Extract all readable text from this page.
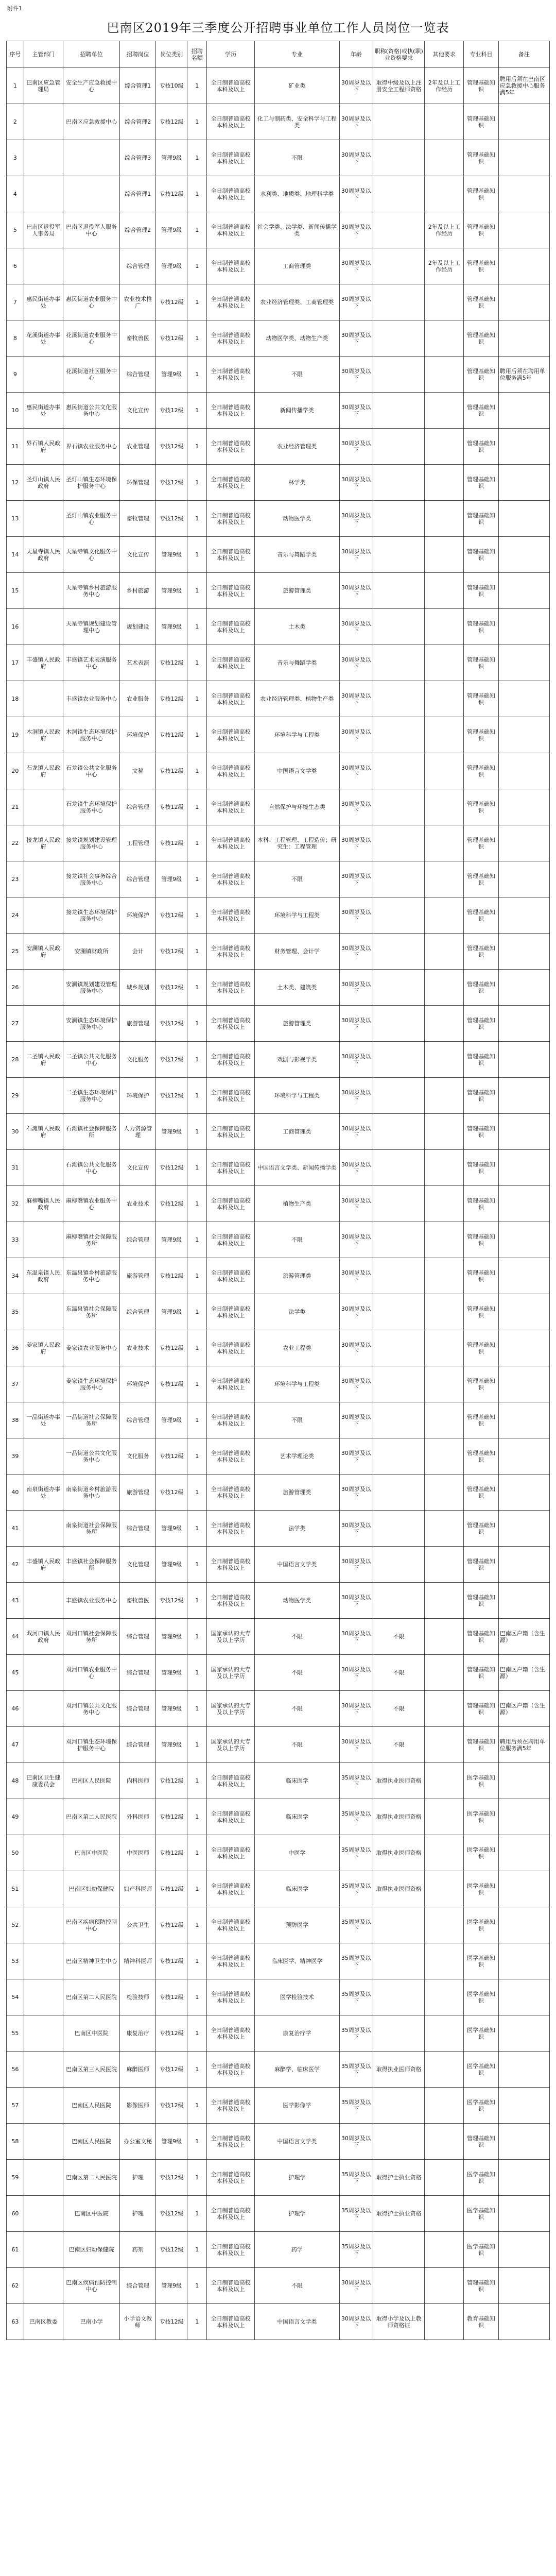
附件1
巴南区2019年三季度公开招聘事业单位工作人员岗位一览表
序号	主管部门	招聘单位	招聘岗位	岗位类别	招聘名额	学历	专业	年龄	职称(资格)或执(职)业资格要求	其他要求	专业科目	备注
1	巴南区应急管理局	安全生产应急救援中心	综合管理1	专技10级	1	全日制普通高校本科及以上	矿业类	30周岁及以下	取得中级及以上注册安全工程师资格	2年及以上工作经历	管理基础知识	聘用后须在巴南区应急救援中心服务满5年
2		巴南区应急救援中心	综合管理2	专技12级	1	全日制普通高校本科及以上	化工与制药类、安全科学与工程类	30周岁及以下			管理基础知识	
3			综合管理3	管理9级	1	全日制普通高校本科及以上	不限	30周岁及以下			管理基础知识	
4			综合管理1	专技12级	1	全日制普通高校本科及以上	水利类、地质类、地理科学类	30周岁及以下			管理基础知识	
5	巴南区退役军人事务局	巴南区退役军人服务中心	综合管理2	管理9级	1	全日制普通高校本科及以上	社会学类、法学类、新闻传播学类	30周岁及以下		2年及以上工作经历	管理基础知识	
6			综合管理	管理9级	1	全日制普通高校本科及以上	工商管理类	30周岁及以下		2年及以上工作经历	管理基础知识	
7	惠民街道办事处	惠民街道农业服务中心	农业技术推广	专技12级	1	全日制普通高校本科及以上	农业经济管理类、工商管理类	30周岁及以下			管理基础知识	
8	花溪街道办事处	花溪街道农业服务中心	畜牧兽医	专技12级	1	全日制普通高校本科及以上	动物医学类、动物生产类	30周岁及以下			管理基础知识	
9		花溪街道社区服务中心	综合管理	管理9级	1	全日制普通高校本科及以上	不限	30周岁及以下			管理基础知识	聘用后须在聘用单位服务满5年
10	惠民街道办事处	惠民街道公共文化服务中心	文化宣传	专技12级	1	全日制普通高校本科及以上	新闻传播学类	30周岁及以下			管理基础知识	
11	界石镇人民政府	界石镇农业服务中心	农业管理	专技12级	1	全日制普通高校本科及以上	农业经济管理类	30周岁及以下			管理基础知识	
12	圣灯山镇人民政府	圣灯山镇生态环境保护服务中心	环保管理	专技12级	1	全日制普通高校本科及以上	林学类	30周岁及以下			管理基础知识	
13		圣灯山镇农业服务中心	畜牧管理	专技12级	1	全日制普通高校本科及以上	动物医学类	30周岁及以下			管理基础知识	
14	天星寺镇人民政府	天星寺镇文化服务中心	文化宣传	管理9级	1	全日制普通高校本科及以上	音乐与舞蹈学类	30周岁及以下			管理基础知识	
15		天星寺镇乡村旅游服务中心	乡村旅游	管理9级	1	全日制普通高校本科及以上	旅游管理类	30周岁及以下			管理基础知识	
16		天星寺镇规划建设管理中心	规划建设	管理9级	1	全日制普通高校本科及以上	土木类	30周岁及以下			管理基础知识	
17	丰盛镇人民政府	丰盛镇艺术表演服务中心	艺术表演	专技12级	1	全日制普通高校本科及以上	音乐与舞蹈学类	30周岁及以下			管理基础知识	
18		丰盛镇农业服务中心	农业服务	专技12级	1	全日制普通高校本科及以上	农业经济管理类、植物生产类	30周岁及以下			管理基础知识	
19	木洞镇人民政府	木洞镇生态环境保护服务中心	环境保护	专技12级	1	全日制普通高校本科及以上	环境科学与工程类	30周岁及以下			管理基础知识	
20	石龙镇人民政府	石龙镇公共文化服务中心	文秘	专技12级	1	全日制普通高校本科及以上	中国语言文学类	30周岁及以下			管理基础知识	
21		石龙镇生态环境保护服务中心	综合管理	专技12级	1	全日制普通高校本科及以上	自然保护与环境生态类	30周岁及以下			管理基础知识	
22	接龙镇人民政府	接龙镇规划建设管理服务中心	工程管理	专技12级	1	全日制普通高校本科及以上	本科：工程管理、工程造价；研究生：工程管理	30周岁及以下			管理基础知识	
23		接龙镇社会事务综合服务中心	综合管理	管理9级	1	全日制普通高校本科及以上	不限	30周岁及以下			管理基础知识	
24		接龙镇生态环境保护服务中心	环境保护	专技12级	1	全日制普通高校本科及以上	环境科学与工程类	30周岁及以下			管理基础知识	
25	安澜镇人民政府	安澜镇财政所	会计	专技12级	1	全日制普通高校本科及以上	财务管理、会计学	30周岁及以下			管理基础知识	
26		安澜镇规划建设管理服务中心	城乡规划	专技12级	1	全日制普通高校本科及以上	土木类、建筑类	30周岁及以下			管理基础知识	
27		安澜镇生态环境保护服务中心	旅游管理	专技12级	1	全日制普通高校本科及以上	旅游管理类	30周岁及以下			管理基础知识	
28	二圣镇人民政府	二圣镇公共文化服务中心	文化服务	专技12级	1	全日制普通高校本科及以上	戏剧与影视学类	30周岁及以下			管理基础知识	
29		二圣镇生态环境保护服务中心	环境保护	专技12级	1	全日制普通高校本科及以上	环境科学与工程类	30周岁及以下			管理基础知识	
30	石滩镇人民政府	石滩镇社会保障服务所	人力资源管理	管理9级	1	全日制普通高校本科及以上	工商管理类	30周岁及以下			管理基础知识	
31		石滩镇公共文化服务中心	文化宣传	专技12级	1	全日制普通高校本科及以上	中国语言文学类、新闻传播学类	30周岁及以下			管理基础知识	
32	麻柳嘴镇人民政府	麻柳嘴镇农业服务中心	农业技术	专技12级	1	全日制普通高校本科及以上	植物生产类	30周岁及以下			管理基础知识	
33		麻柳嘴镇社会保障服务所	综合管理	管理9级	1	全日制普通高校本科及以上	不限	30周岁及以下			管理基础知识	
34	东温泉镇人民政府	东温泉镇乡村旅游服务中心	旅游管理	专技12级	1	全日制普通高校本科及以上	旅游管理类	30周岁及以下			管理基础知识	
35		东温泉镇社会保障服务所	综合管理	管理9级	1	全日制普通高校本科及以上	法学类	30周岁及以下			管理基础知识	
36	姜家镇人民政府	姜家镇农业服务中心	农业技术	专技12级	1	全日制普通高校本科及以上	农业工程类	30周岁及以下			管理基础知识	
37		姜家镇生态环境保护服务中心	环境保护	专技12级	1	全日制普通高校本科及以上	环境科学与工程类	30周岁及以下			管理基础知识	
38	一品街道办事处	一品街道社会保障服务所	综合管理	管理9级	1	全日制普通高校本科及以上	不限	30周岁及以下			管理基础知识	
39		一品街道公共文化服务中心	文化服务	专技12级	1	全日制普通高校本科及以上	艺术学理论类	30周岁及以下			管理基础知识	
40	南泉街道办事处	南泉街道乡村旅游服务中心	旅游管理	专技12级	1	全日制普通高校本科及以上	旅游管理类	30周岁及以下			管理基础知识	
41		南泉街道社会保障服务所	综合管理	管理9级	1	全日制普通高校本科及以上	法学类	30周岁及以下			管理基础知识	
42	丰盛镇人民政府	丰盛镇社会保障服务所	文化管理	管理9级	1	全日制普通高校本科及以上	中国语言文学类	30周岁及以下			管理基础知识	
43		丰盛镇农业服务中心	畜牧兽医	专技12级	1	全日制普通高校本科及以上	动物医学类	30周岁及以下			管理基础知识	
44	双河口镇人民政府	双河口镇社会保障服务所	综合管理	管理9级	1	国家承认的大专及以上学历	不限	30周岁及以下	不限		管理基础知识	巴南区户籍（含生源）
45		双河口镇农业服务中心	综合管理	管理9级	1	国家承认的大专及以上学历	不限	30周岁及以下	不限		管理基础知识	巴南区户籍（含生源）
46		双河口镇公共文化服务中心	综合管理	管理9级	1	国家承认的大专及以上学历	不限	30周岁及以下	不限		管理基础知识	巴南区户籍（含生源）
47		双河口镇生态环境保护服务中心	综合管理	管理9级	1	国家承认的大专及以上学历	不限	30周岁及以下	不限		管理基础知识	聘用后须在聘用单位服务满5年
48	巴南区卫生健康委员会	巴南区人民医院	内科医师	专技12级	1	全日制普通高校本科及以上	临床医学	35周岁及以下	取得执业医师资格		医学基础知识	
49		巴南区第二人民医院	外科医师	专技12级	1	全日制普通高校本科及以上	临床医学	35周岁及以下	取得执业医师资格		医学基础知识	
50		巴南区中医院	中医医师	专技12级	1	全日制普通高校本科及以上	中医学	35周岁及以下	取得执业医师资格		医学基础知识	
51		巴南区妇幼保健院	妇产科医师	专技12级	1	全日制普通高校本科及以上	临床医学	35周岁及以下	取得执业医师资格		医学基础知识	
52		巴南区疾病预防控制中心	公共卫生	专技12级	1	全日制普通高校本科及以上	预防医学	35周岁及以下			医学基础知识	
53		巴南区精神卫生中心	精神科医师	专技12级	1	全日制普通高校本科及以上	临床医学、精神医学	35周岁及以下			医学基础知识	
54		巴南区第二人民医院	检验技师	专技12级	1	全日制普通高校本科及以上	医学检验技术	35周岁及以下			医学基础知识	
55		巴南区中医院	康复治疗	专技12级	1	全日制普通高校本科及以上	康复治疗学	35周岁及以下			医学基础知识	
56		巴南区第三人民医院	麻醉医师	专技12级	1	全日制普通高校本科及以上	麻醉学、临床医学	35周岁及以下	取得执业医师资格		医学基础知识	
57		巴南区人民医院	影像医师	专技12级	1	全日制普通高校本科及以上	医学影像学	35周岁及以下			医学基础知识	
58		巴南区人民医院	办公室文秘	管理9级	1	全日制普通高校本科及以上	中国语言文学类	30周岁及以下			管理基础知识	
59		巴南区第二人民医院	护理	专技12级	1	全日制普通高校本科及以上	护理学	35周岁及以下	取得护士执业资格		医学基础知识	
60		巴南区中医院	护理	专技12级	1	全日制普通高校本科及以上	护理学	35周岁及以下	取得护士执业资格		医学基础知识	
61		巴南区妇幼保健院	药剂	专技12级	1	全日制普通高校本科及以上	药学	35周岁及以下			医学基础知识	
62		巴南区疾病预防控制中心	综合管理	管理9级	1	全日制普通高校本科及以上	不限	30周岁及以下			管理基础知识	
63	巴南区教委	巴南小学	小学语文教师	专技12级	1	全日制普通高校本科及以上	中国语言文学类	30周岁及以下	取得小学及以上教师资格证		教育基础知识	
